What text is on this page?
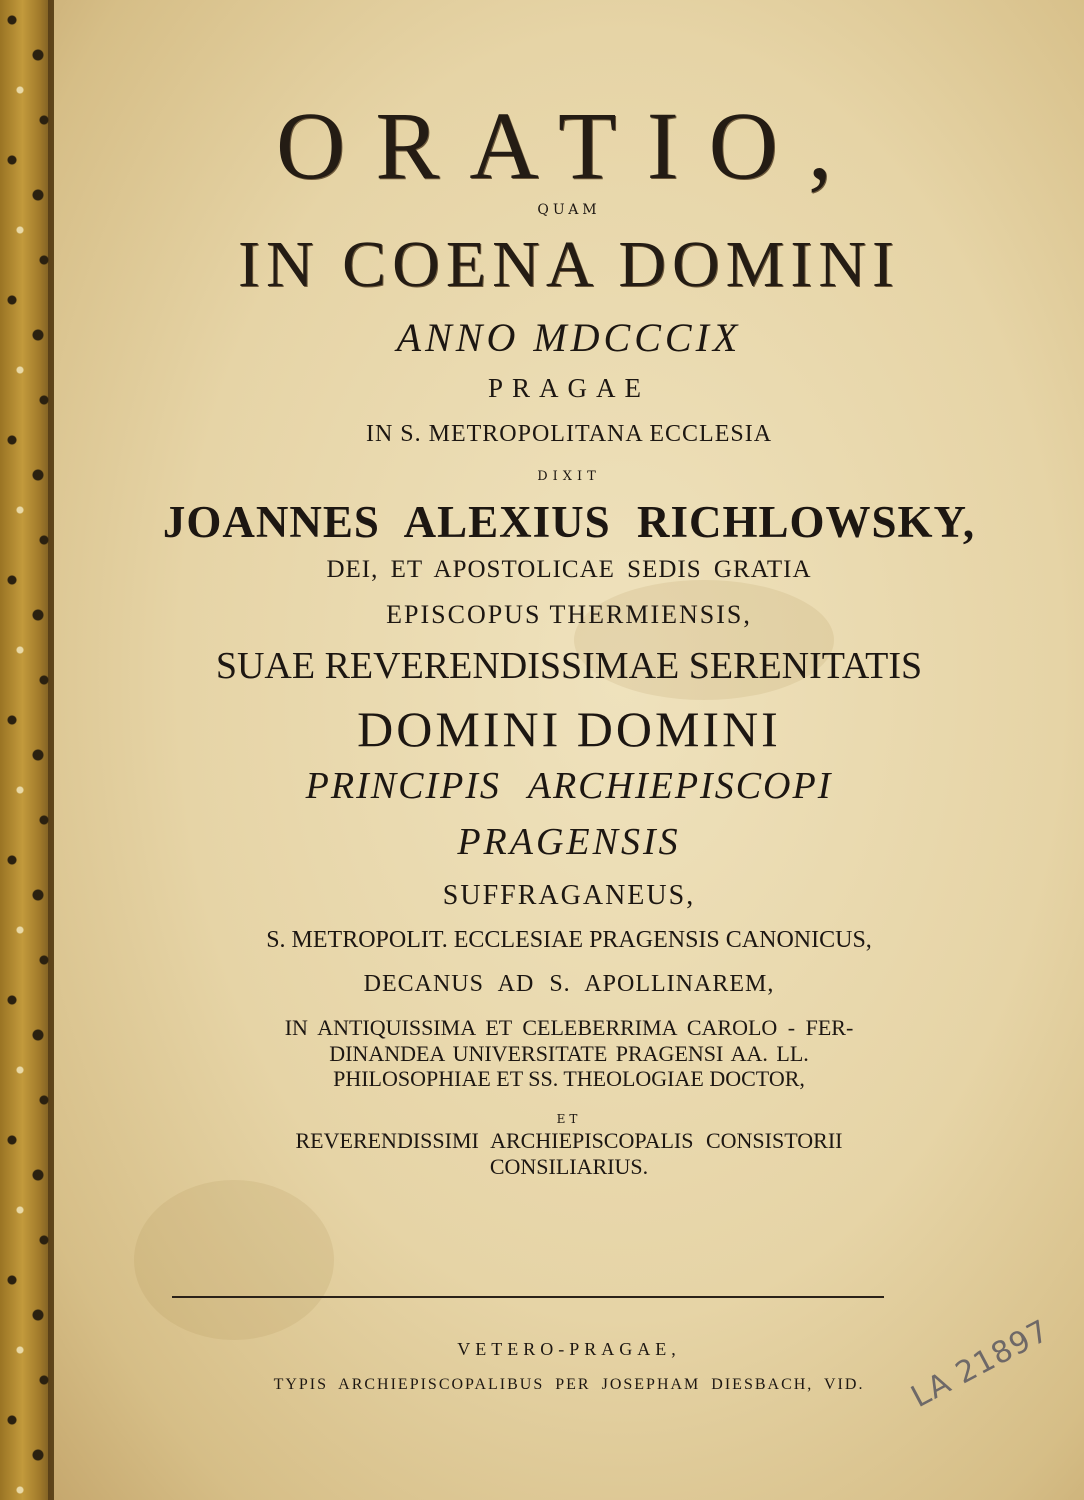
ORATIO,
QUAM
IN COENA DOMINI
ANNO MDCCCIX
PRAGAE
IN S. METROPOLITANA ECCLESIA
DIXIT
JOANNES ALEXIUS RICHLOWSKY,
DEI, ET APOSTOLICAE SEDIS GRATIA
EPISCOPUS THERMIENSIS,
SUAE REVERENDISSIMAE SERENITATIS
DOMINI DOMINI
PRINCIPIS ARCHIEPISCOPI
PRAGENSIS
SUFFRAGANEUS,
S. METROPOLIT. ECCLESIAE PRAGENSIS CANONICUS,
DECANUS AD S. APOLLINAREM,
IN ANTIQUISSIMA ET CELEBERRIMA CAROLO - FER-
DINANDEA UNIVERSITATE PRAGENSI AA. LL.
PHILOSOPHIAE ET SS. THEOLOGIAE DOCTOR,
ET
REVERENDISSIMI ARCHIEPISCOPALIS CONSISTORII
CONSILIARIUS.
VETERO-PRAGAE,
TYPIS ARCHIEPISCOPALIBUS PER JOSEPHAM DIESBACH, VID.	LA 21897
